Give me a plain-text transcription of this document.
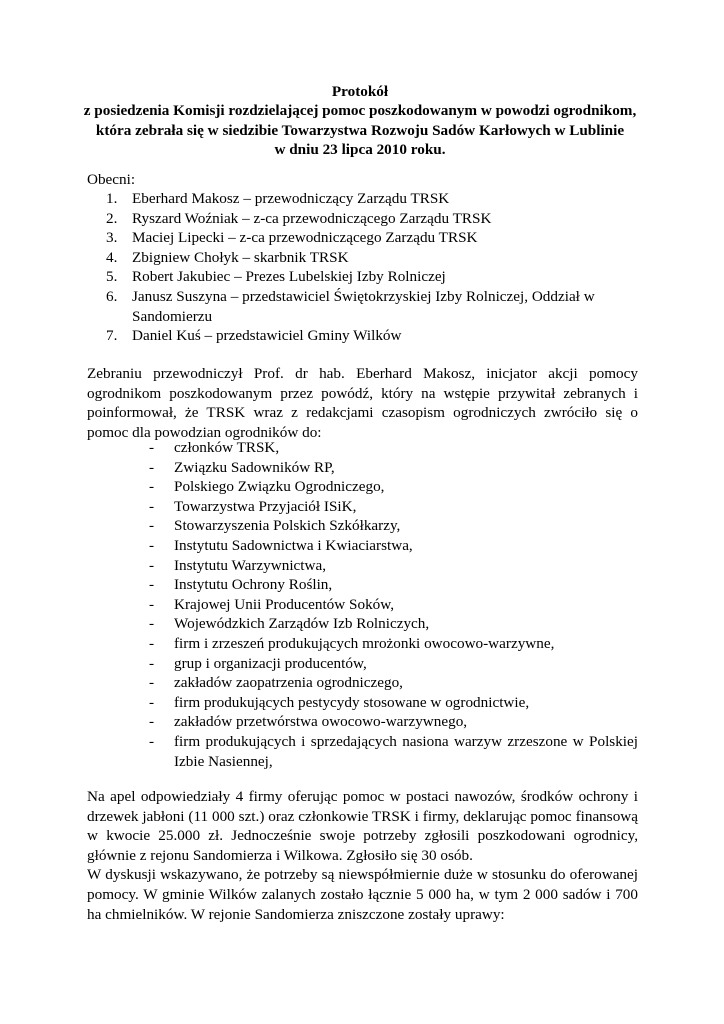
Protokół
z posiedzenia Komisji rozdzielającej pomoc poszkodowanym w powodzi ogrodnikom,
która zebrała się w siedzibie Towarzystwa Rozwoju Sadów Karłowych w Lublinie
w dniu 23 lipca 2010 roku.
Obecni:
1. Eberhard Makosz – przewodniczący Zarządu TRSK
2. Ryszard Woźniak – z-ca przewodniczącego Zarządu TRSK
3. Maciej Lipecki – z-ca przewodniczącego Zarządu TRSK
4. Zbigniew Chołyk – skarbnik TRSK
5. Robert Jakubiec – Prezes Lubelskiej Izby Rolniczej
6. Janusz Suszyna – przedstawiciel Świętokrzyskiej Izby Rolniczej, Oddział w Sandomierzu
7. Daniel Kuś – przedstawiciel Gminy Wilków
Zebraniu przewodniczył Prof. dr hab. Eberhard Makosz, inicjator akcji pomocy ogrodnikom poszkodowanym przez powódź, który na wstępie przywitał zebranych i poinformował, że TRSK wraz z redakcjami czasopism ogrodniczych zwróciło się o pomoc dla powodzian ogrodników do:
- członków TRSK,
- Związku Sadowników RP,
- Polskiego Związku Ogrodniczego,
- Towarzystwa Przyjaciół ISiK,
- Stowarzyszenia Polskich Szkółkarzy,
- Instytutu Sadownictwa i Kwiaciarstwa,
- Instytutu Warzywnictwa,
- Instytutu Ochrony Roślin,
- Krajowej Unii Producentów Soków,
- Wojewódzkich Zarządów Izb Rolniczych,
- firm i zrzeszeń produkujących mrożonki owocowo-warzywne,
- grup i organizacji producentów,
- zakładów zaopatrzenia ogrodniczego,
- firm produkujących pestycydy stosowane w ogrodnictwie,
- zakładów przetwórstwa owocowo-warzywnego,
- firm produkujących i sprzedających nasiona warzyw zrzeszone w Polskiej Izbie Nasiennej,

Na apel odpowiedziały 4 firmy oferując pomoc w postaci nawozów, środków ochrony i drzewek jabłoni (11 000 szt.) oraz członkowie TRSK i firmy, deklarując pomoc finansową w kwocie 25.000 zł. Jednocześnie swoje potrzeby zgłosili poszkodowani ogrodnicy, głównie z rejonu Sandomierza i Wilkowa. Zgłosiło się 30 osób.

W dyskusji wskazywano, że potrzeby są niewspółmiernie duże w stosunku do oferowanej pomocy. W gminie Wilków zalanych zostało łącznie 5 000 ha, w tym 2 000 sadów i 700 ha chmielników. W rejonie Sandomierza zniszczone zostały uprawy:
